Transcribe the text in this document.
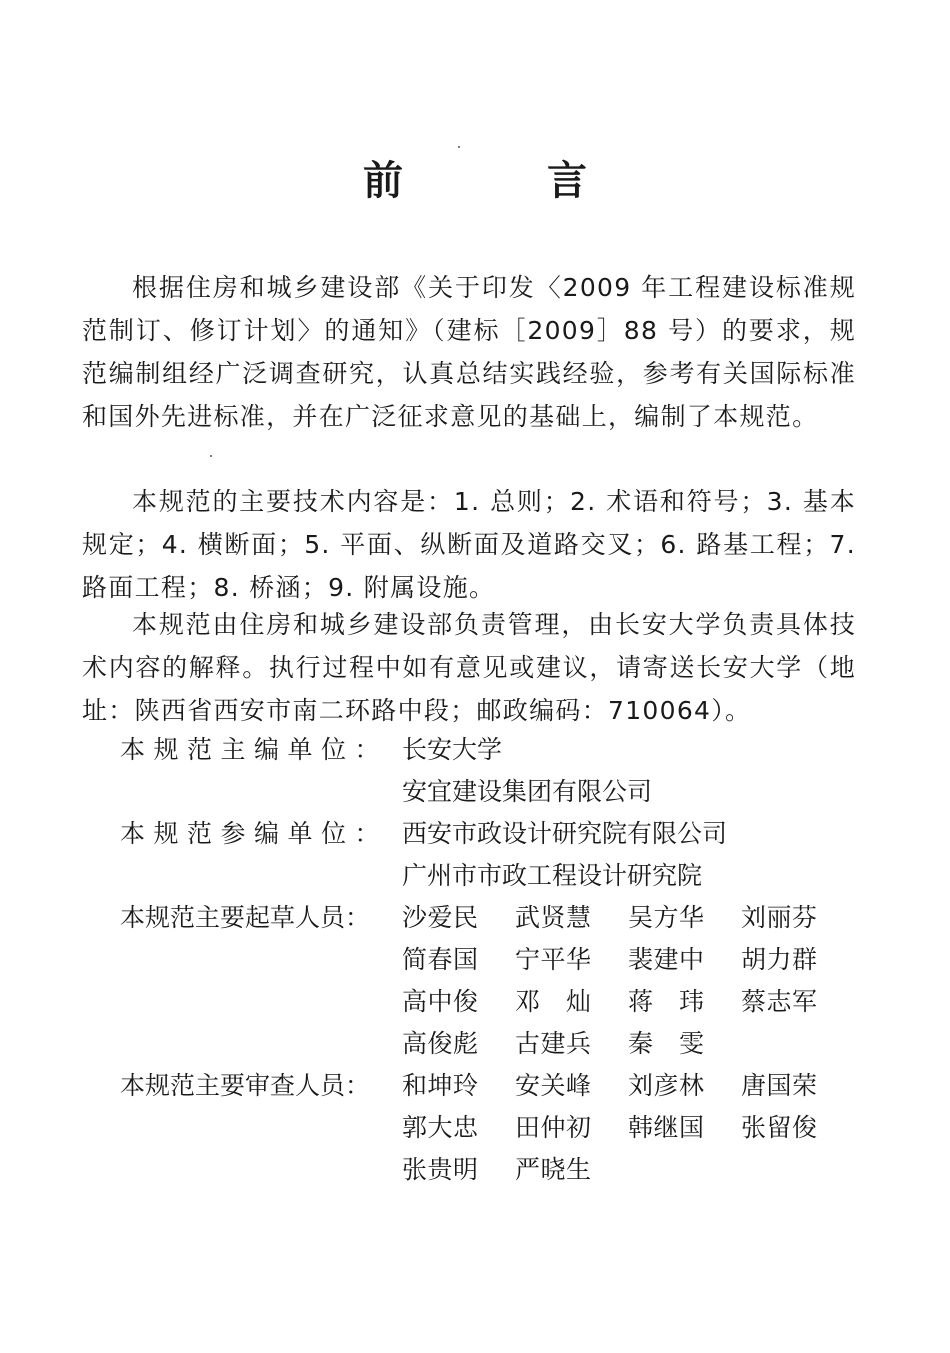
前　言

根据住房和城乡建设部《关于印发〈2009 年工程建设标准规范制订、修订计划〉的通知》（建标［2009］88 号）的要求，规范编制组经广泛调查研究，认真总结实践经验，参考有关国际标准和国外先进标准，并在广泛征求意见的基础上，编制了本规范。

本规范的主要技术内容是：1. 总则；2. 术语和符号；3. 基本规定；4. 横断面；5. 平面、纵断面及道路交叉；6. 路基工程；7. 路面工程；8. 桥涵；9. 附属设施。

本规范由住房和城乡建设部负责管理，由长安大学负责具体技术内容的解释。执行过程中如有意见或建议，请寄送长安大学（地址：陕西省西安市南二环路中段；邮政编码：710064）。

本规范主编单位： 长安大学
安宜建设集团有限公司
本规范参编单位： 西安市政设计研究院有限公司
广州市市政工程设计研究院
本规范主要起草人员：	沙爱民	武贤慧	吴方华	刘丽芬
简春国	宁平华	裴建中	胡力群
高中俊	邓　灿	蒋　玮	蔡志军
高俊彪	古建兵	秦　雯
本规范主要审查人员：	和坤玲	安关峰	刘彦林	唐国荣
郭大忠	田仲初	韩继国	张留俊
张贵明	严晓生
